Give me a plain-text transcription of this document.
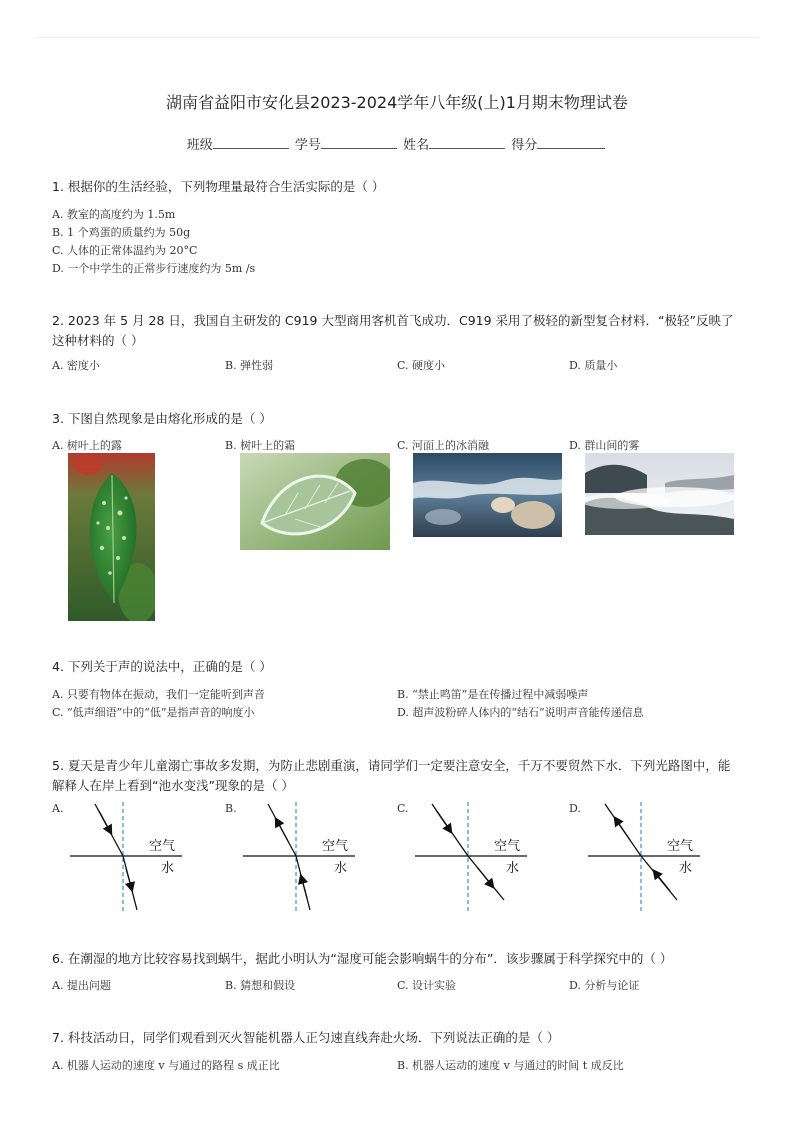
湖南省益阳市安化县2023-2024学年八年级(上)1月期末物理试卷
班级	学号	姓名	得分
1. 根据你的生活经验，下列物理量最符合生活实际的是（ ）
A. 教室的高度约为 1.5m
B. 1 个鸡蛋的质量约为 50g
C. 人体的正常体温约为 20°C
D. 一个中学生的正常步行速度约为 5m /s
2. 2023 年 5 月 28 日，我国自主研发的 C919 大型商用客机首飞成功．C919 采用了极轻的新型复合材料．“极轻”反映了这种材料的（ ）
A. 密度小	B. 弹性弱	C. 硬度小	D. 质量小
3. 下图自然现象是由熔化形成的是（ ）
A. 树叶上的露	B. 树叶上的霜	C. 河面上的冰消融	D. 群山间的雾
4. 下列关于声的说法中，正确的是（ ）
A. 只要有物体在振动，我们一定能听到声音	B. “禁止鸣笛”是在传播过程中减弱噪声
C. “低声细语”中的“低”是指声音的响度小	D. 超声波粉碎人体内的“结石”说明声音能传递信息
5. 夏天是青少年儿童溺亡事故多发期，为防止悲剧重演，请同学们一定要注意安全，千万不要贸然下水．下列光路图中，能解释人在岸上看到“池水变浅”现象的是（ ）
A.	B.	C.	D.
空气
水
空气
水
空气
水
空气
水
6. 在潮湿的地方比较容易找到蜗牛，据此小明认为“湿度可能会影响蜗牛的分布”．该步骤属于科学探究中的（ ）
A. 提出问题	B. 猜想和假设	C. 设计实验	D. 分析与论证
7. 科技活动日，同学们观看到灭火智能机器人正匀速直线奔赴火场．下列说法正确的是（ ）
A. 机器人运动的速度 v 与通过的路程 s 成正比	B. 机器人运动的速度 v 与通过的时间 t 成反比
